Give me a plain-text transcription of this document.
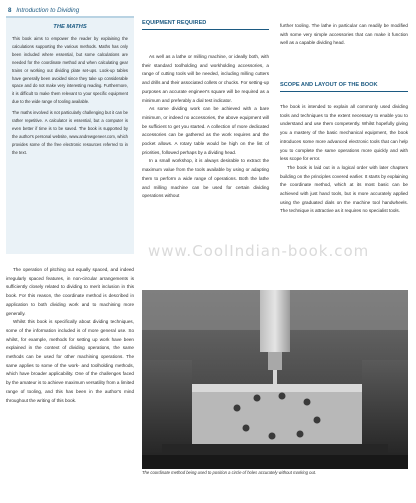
8 Introduction to Dividing
THE MATHS

This book aims to empower the reader by explaining the calculations supporting the various methods. Maths has only been included where essential, but some calculations are needed for the coordinate method and when calculating gear trains or working out dividing plate set-ups. Look-up tables have generally been avoided since they take up considerable space and do not make very interesting reading. Furthermore, it is difficult to make them relevant to your specific equipment due to the wide range of tooling available.

The maths involved is not particularly challenging but it can be rather repetitive. A calculator is essential, but a computer is even better if time is to be saved. The book is supported by the author's personal website, www.andrewgeneer.com, which provides some of the free electronic resources referred to in the text.

The operation of pitching out equally spaced, and indeed irregularly spaced features, in non-circular arrangements is sufficiently closely related to dividing to merit inclusion in this book. For this reason, the coordinate method is described in application to both dividing work and to machining more generally.

Whilst this book is specifically about dividing techniques, some of the information included is of more general use. So whilst, for example, methods for setting up work have been explained in the context of dividing operations, the same methods can be used for other machining operations. The same applies to some of the work- and toolholding methods, which have broader applicability. One of the challenges faced by the amateur is to achieve maximum versatility from a limited range of tooling, and this has been in the author's mind throughout the writing of this book.

EQUIPMENT REQUIRED

As well as a lathe or milling machine, or ideally both, with their standard toolholding and workholding accessories, a range of cutting tools will be needed, including milling cutters and drills and their associated collets or chucks. For setting-up purposes an accurate engineer's square will be required as a minimum and preferably a dial test indicator.

As some dividing work can be achieved with a bare minimum, or indeed no accessories, the above equipment will be sufficient to get you started. A collection of more dedicated accessories can be gathered as the work requires and the pocket allows. A rotary table would be high on the list of priorities, followed perhaps by a dividing head.

In a small workshop, it is always desirable to extract the maximum value from the tools available by using or adapting them to perform a wide range of operations. Both the lathe and milling machine can be used for certain dividing operations without

further tooling. The lathe in particular can readily be modified with some very simple accessories that can make it function well as a capable dividing head.

SCOPE AND LAYOUT OF THE BOOK

The book is intended to explain all commonly used dividing tools and techniques to the extent necessary to enable you to understand and use them competently. Whilst hopefully giving you a mastery of the basic mechanical equipment, the book introduces some more advanced electronic tools that can help you to complete the same operations more quickly and with less scope for error.

The book is laid out in a logical order with later chapters building on the principles covered earlier. It starts by explaining the coordinate method, which at its most basic can be achieved with just hand tools, but is more accurately applied using the graduated dials on the machine tool handwheels. The technique is attractive as it requires no specialist tools.

www.CoolIndian-book.com
The coordinate method being used to position a circle of holes accurately without marking out.
